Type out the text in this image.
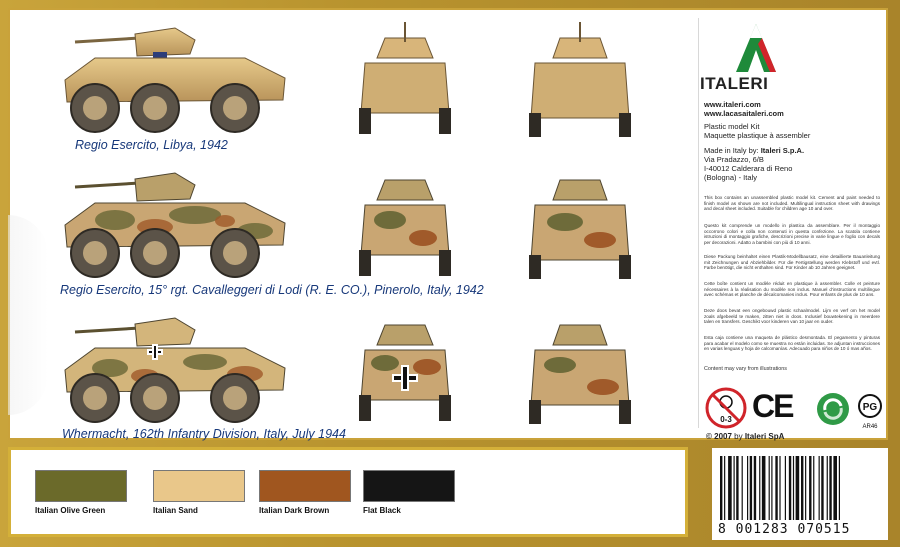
Regio Esercito, Libya, 1942
Regio Esercito, 15° rgt. Cavalleggeri di Lodi (R. E. CO.), Pinerolo, Italy, 1942
Whermacht, 162th Infantry Division, Italy, July 1944
ITALERI
www.italeri.com
www.lacasaitaleri.com
Plastic model Kit
Maquette plastique à assembler
Made in Italy by: Italeri S.p.A.
Via Pradazzo, 6/B
I-40012 Calderara di Reno
(Bologna) - Italy
This box contains an unassembled plastic model kit. Cement and paint needed to finish model as shown are not included. Multilingual instruction sheet with drawings and decal sheet included. Suitable for children age 10 and over.
Questo kit comprende un modello in plastica da assemblare. Per il montaggio occorrono colori e colla non contenuti in questa confezione. La scatola contiene istruzioni di montaggio grafiche, descrizioni precise in varie lingue e foglio con decals per decorazioni. Adatto a bambini con più di 10 anni.
Diese Packung beinhaltet einen Plastik-Modellbausatz, eine detaillierte Bauanleitung mit Zeichnungen und Abziehbilder. Für die Fertigstellung werden Klebstoff und evtl. Farbe benötigt, die nicht enthalten sind. Für Kinder ab 10 Jahren geeignet.
Cette boîte contient un modèle réduit en plastique à assembler. Colle et peinture nécessaires à la réalisation du modèle non inclus. Manuel d'instructions multilingue avec schémas et planche de décalcomanies inclus. Pour enfants de plus de 10 ans.
Deze doos bevat een ongebouwd plastic schaalmodel. Lijm en verf om het model zoals afgebeeld te maken, zitten niet in doos. Inclusief bouwtekening in meerdere talen en transfers. Geschikt voor kinderen van 10 jaar en ouder.
Esta caja contiene una maqueta de plástico desmontada. El pegamento y pinturas para acabar el modelo como se muestra no están incluidas. Se adjuntan instrucciones en varias lenguas y hoja de calcomanías. Adecuado para niños de 10 ó mas años.
Content may vary from illustrations
0-3 CE	PG
AR46
© 2007 by Italeri SpA
Italian Olive Green	Italian Sand	Italian Dark Brown	Flat Black
8 001283 070515
